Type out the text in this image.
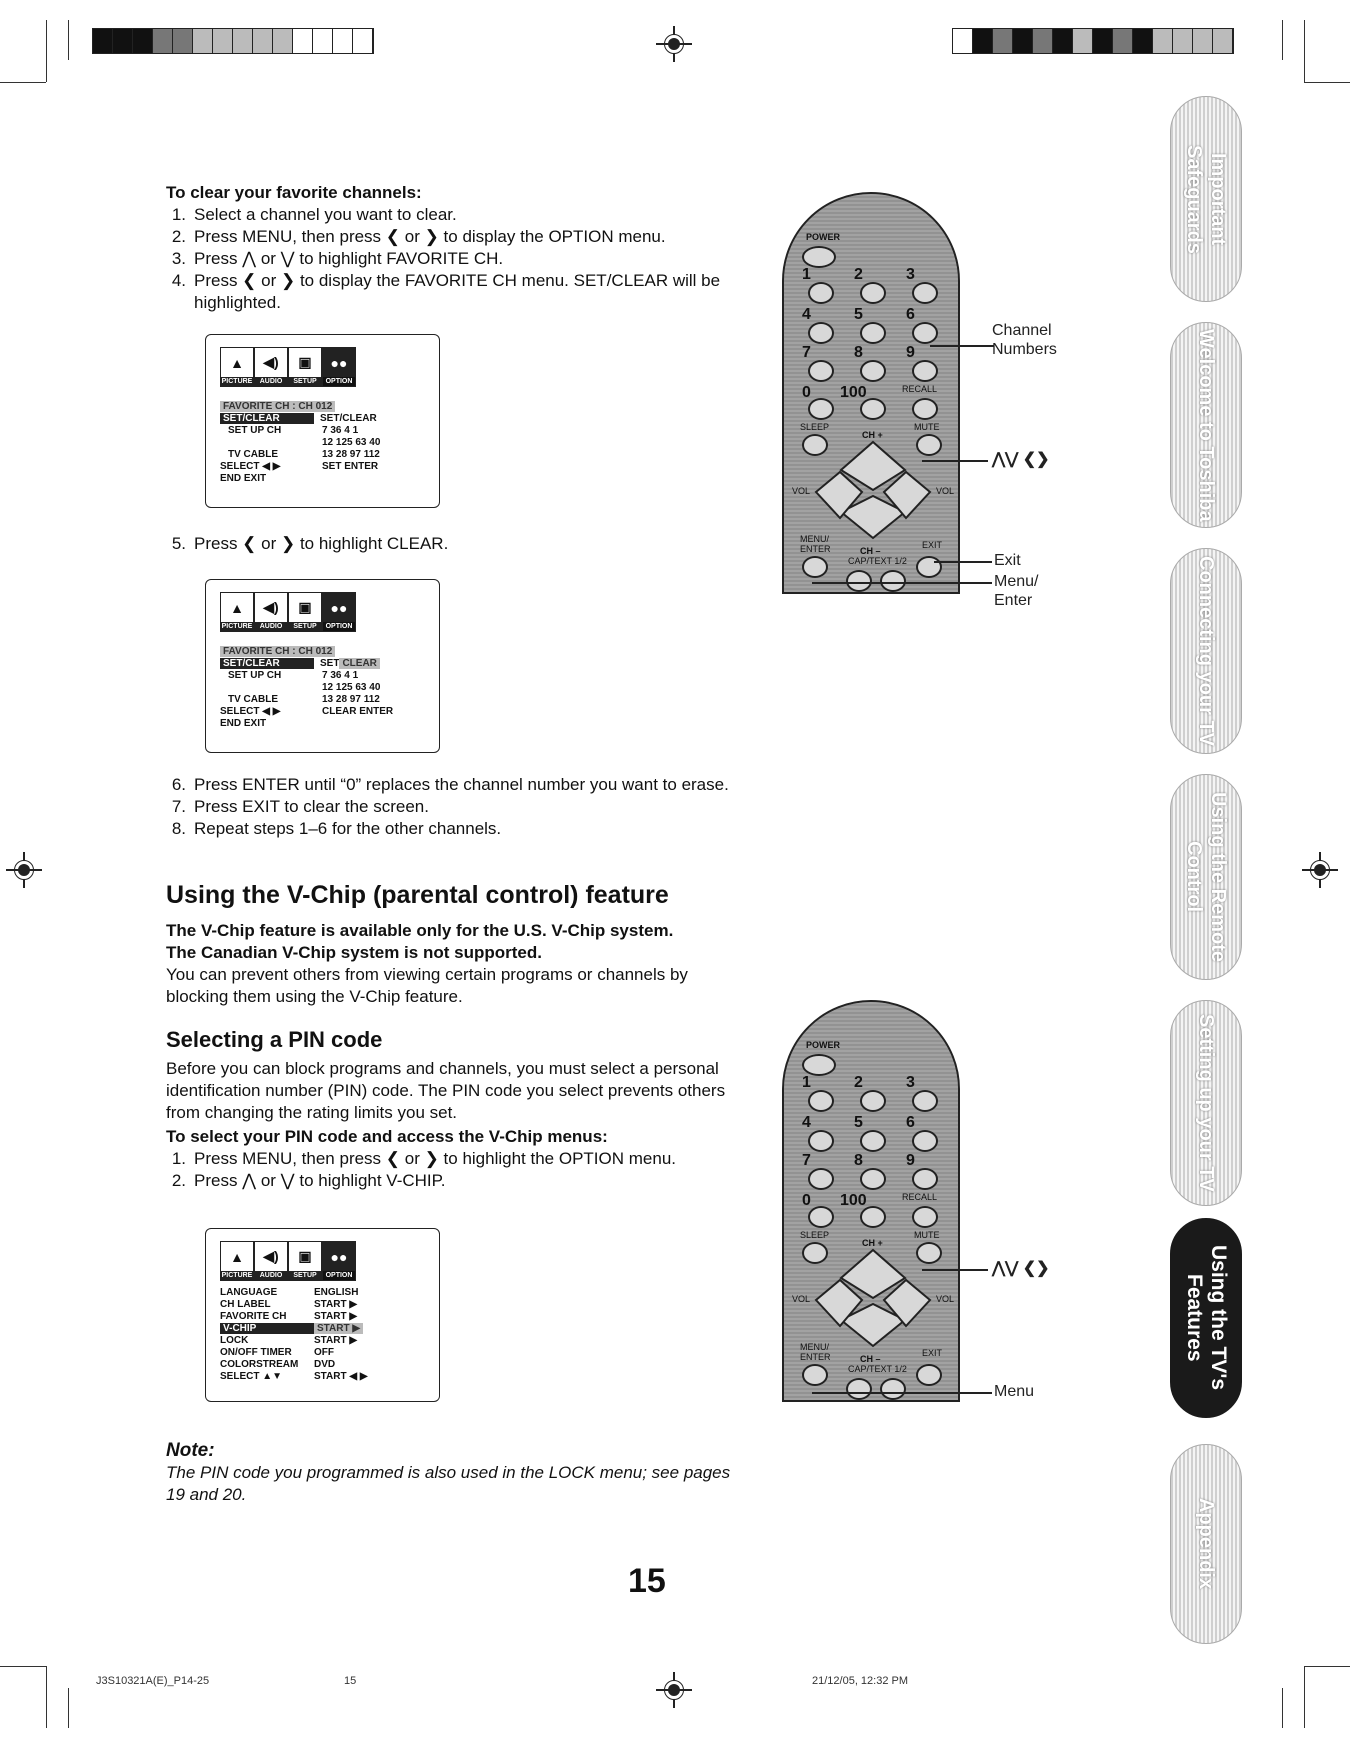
To clear your favorite channels:
1. Select a channel you want to clear.
2. Press MENU, then press ❮ or ❯ to display the OPTION menu.
3. Press ⋀ or ⋁ to highlight FAVORITE CH.
4. Press ❮ or ❯ to display the FAVORITE CH menu. SET/CLEAR will be highlighted.
▲
PICTURE
◀)
AUDIO
▣
SETUP
●●
OPTION
FAVORITE CH : CH 012
SET/CLEAR	SET/CLEAR
SET UP CH	7 36 4 1
12 125 63 40
TV CABLE	13 28 97 112
SELECT ◀ ▶	SET ENTER
END EXIT
5. Press ❮ or ❯ to highlight CLEAR.
▲
PICTURE
◀)
AUDIO
▣
SETUP
●●
OPTION
FAVORITE CH : CH 012
SET/CLEAR	SET CLEAR
SET UP CH	7 36 4 1
12 125 63 40
TV CABLE	13 28 97 112
SELECT ◀ ▶	CLEAR ENTER
END EXIT
6. Press ENTER until “0” replaces the channel number you want to erase.
7. Press EXIT to clear the screen.
8. Repeat steps 1–6 for the other channels.
Using the V-Chip (parental control) feature
The V-Chip feature is available only for the U.S. V-Chip system.
The Canadian V-Chip system is not supported.
You can prevent others from viewing certain programs or channels by blocking them using the V-Chip feature.
Selecting a PIN code
Before you can block programs and channels, you must select a personal identification number (PIN) code. The PIN code you select prevents others from changing the rating limits you set.
To select your PIN code and access the V-Chip menus:
1. Press MENU, then press ❮ or ❯ to highlight the OPTION menu.
2. Press ⋀ or ⋁ to highlight V-CHIP.
▲
PICTURE
◀)
AUDIO
▣
SETUP
●●
OPTION
LANGUAGE	ENGLISH
CH LABEL	START ▶
FAVORITE CH	START ▶
V-CHIP	START ▶
LOCK	START ▶
ON/OFF TIMER	OFF
COLORSTREAM	DVD
SELECT ▲▼	START ◀ ▶
Note:
The PIN code you programmed is also used in the LOCK menu; see pages 19 and 20.
POWER
1	2	3
4	5	6
7	8	9
0 100	RECALL
SLEEP	MUTE
CH +
VOL	VOL
MENU/ ENTER	EXIT
CH –
CAP/TEXT 1/2
Channel
Numbers
⋀⋁ ❮❯
Exit
Menu/
Enter
POWER
1	2	3
4	5	6
7	8	9
0 100	RECALL
SLEEP	MUTE
CH +
VOL	VOL
MENU/ ENTER	EXIT
CH –
CAP/TEXT 1/2
⋀⋁ ❮❯
Menu
Important Safeguards
Welcome to Toshiba
Connecting your TV
Using the Remote Control
Setting up your TV
Using the TV's Features
Appendix
15
J3S10321A(E)_P14-25	15	21/12/05, 12:32 PM
